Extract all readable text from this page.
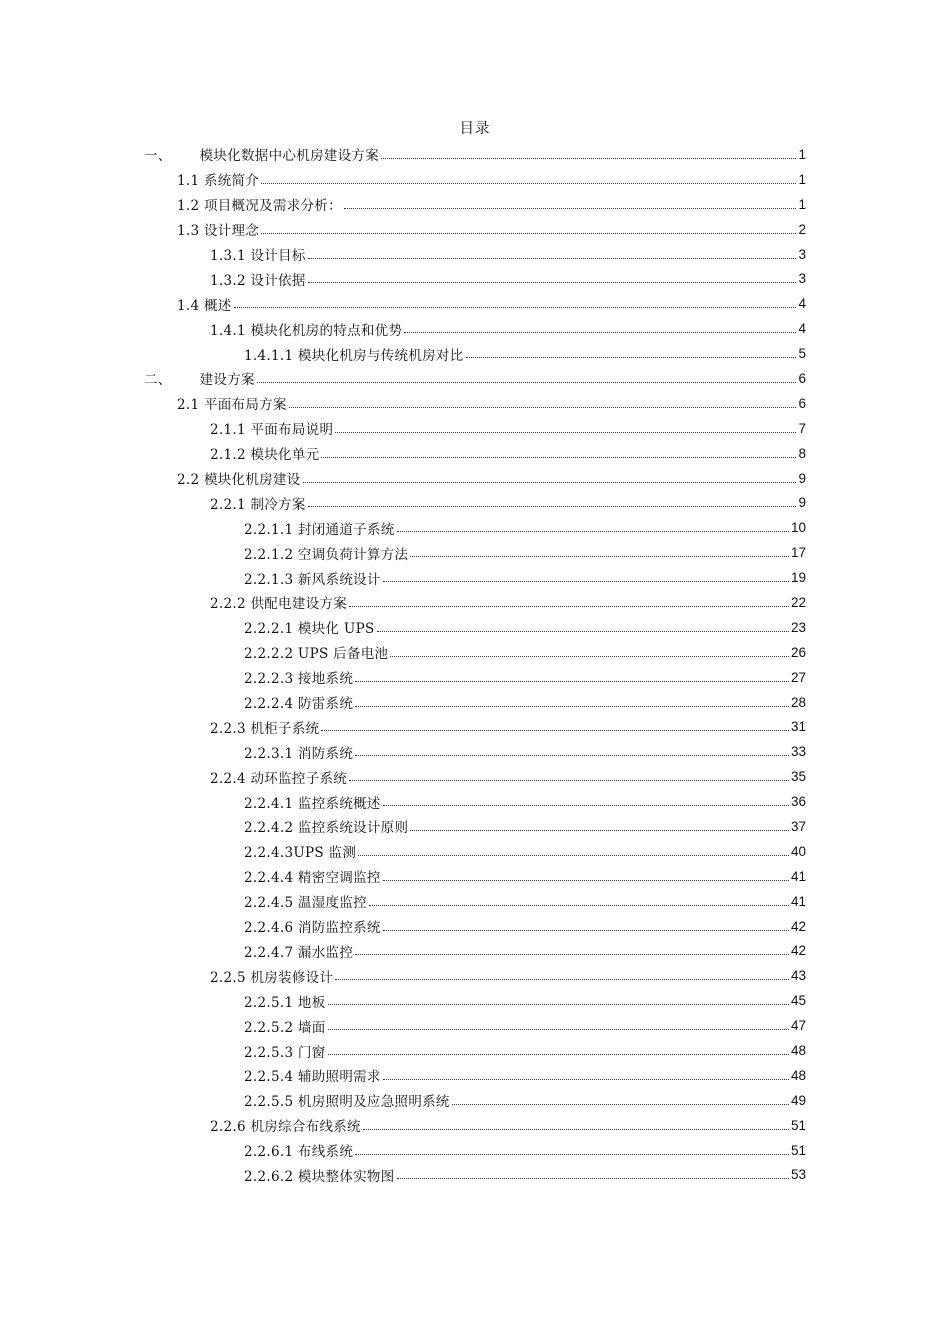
目录
一、 模块化数据中心机房建设方案	1
1.1 系统简介	1
1.2 项目概况及需求分析：	1
1.3 设计理念	2
1.3.1 设计目标	3
1.3.2 设计依据	3
1.4 概述	4
1.4.1 模块化机房的特点和优势	4
1.4.1.1 模块化机房与传统机房对比	5
二、 建设方案	6
2.1 平面布局方案	6
2.1.1 平面布局说明	7
2.1.2 模块化单元	8
2.2 模块化机房建设	9
2.2.1 制冷方案	9
2.2.1.1 封闭通道子系统	10
2.2.1.2 空调负荷计算方法	17
2.2.1.3 新风系统设计	19
2.2.2 供配电建设方案	22
2.2.2.1 模块化 UPS	23
2.2.2.2 UPS 后备电池	26
2.2.2.3 接地系统	27
2.2.2.4 防雷系统	28
2.2.3 机柜子系统	31
2.2.3.1 消防系统	33
2.2.4 动环监控子系统	35
2.2.4.1 监控系统概述	36
2.2.4.2 监控系统设计原则	37
2.2.4.3UPS 监测	40
2.2.4.4 精密空调监控	41
2.2.4.5 温湿度监控	41
2.2.4.6 消防监控系统	42
2.2.4.7 漏水监控	42
2.2.5 机房装修设计	43
2.2.5.1 地板	45
2.2.5.2 墙面	47
2.2.5.3 门窗	48
2.2.5.4 辅助照明需求	48
2.2.5.5 机房照明及应急照明系统	49
2.2.6 机房综合布线系统	51
2.2.6.1 布线系统	51
2.2.6.2 模块整体实物图	53
